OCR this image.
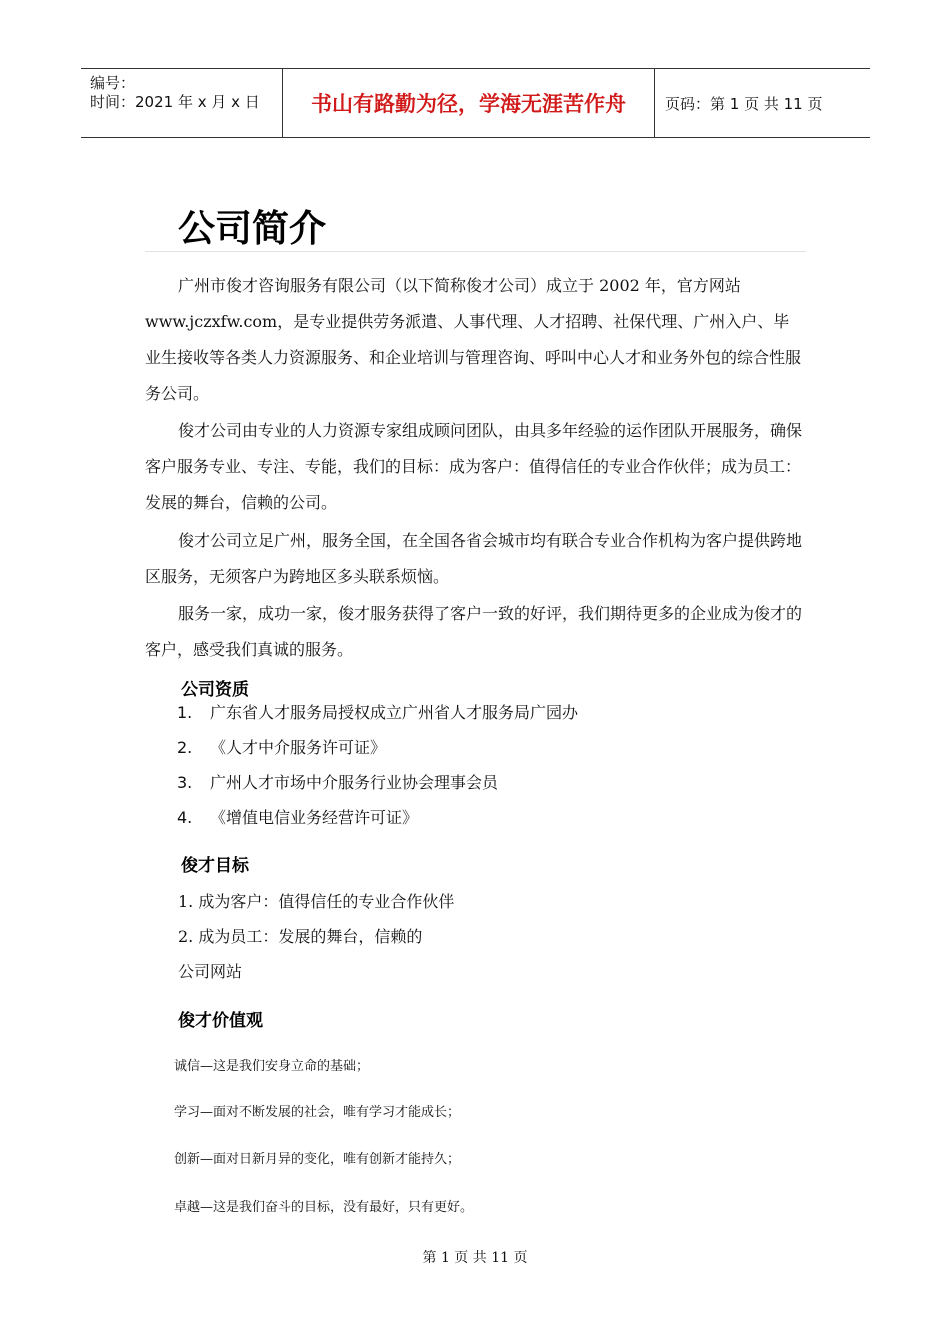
编号：
时间：2021 年 x 月 x 日	书山有路勤为径，学海无涯苦作舟	页码：第 1 页 共 11 页
公司简介

广州市俊才咨询服务有限公司（以下简称俊才公司）成立于 2002 年，官方网站 www.jczxfw.com，是专业提供劳务派遣、人事代理、人才招聘、社保代理、广州入户、毕业生接收等各类人力资源服务、和企业培训与管理咨询、呼叫中心人才和业务外包的综合性服务公司。

俊才公司由专业的人力资源专家组成顾问团队，由具多年经验的运作团队开展服务，确保客户服务专业、专注、专能，我们的目标：成为客户：值得信任的专业合作伙伴；成为员工：发展的舞台，信赖的公司。

俊才公司立足广州，服务全国，在全国各省会城市均有联合专业合作机构为客户提供跨地区服务，无须客户为跨地区多头联系烦恼。

服务一家，成功一家，俊才服务获得了客户一致的好评，我们期待更多的企业成为俊才的客户，感受我们真诚的服务。

公司资质
1. 广东省人才服务局授权成立广州省人才服务局广园办
2. 《人才中介服务许可证》
3. 广州人才市场中介服务行业协会理事会员
4. 《增值电信业务经营许可证》
俊才目标
1. 成为客户：值得信任的专业合作伙伴
2. 成为员工：发展的舞台，信赖的
公司网站
俊才价值观
诚信—这是我们安身立命的基础；
学习—面对不断发展的社会，唯有学习才能成长；
创新—面对日新月异的变化，唯有创新才能持久；
卓越—这是我们奋斗的目标，没有最好，只有更好。
第 1 页 共 11 页
